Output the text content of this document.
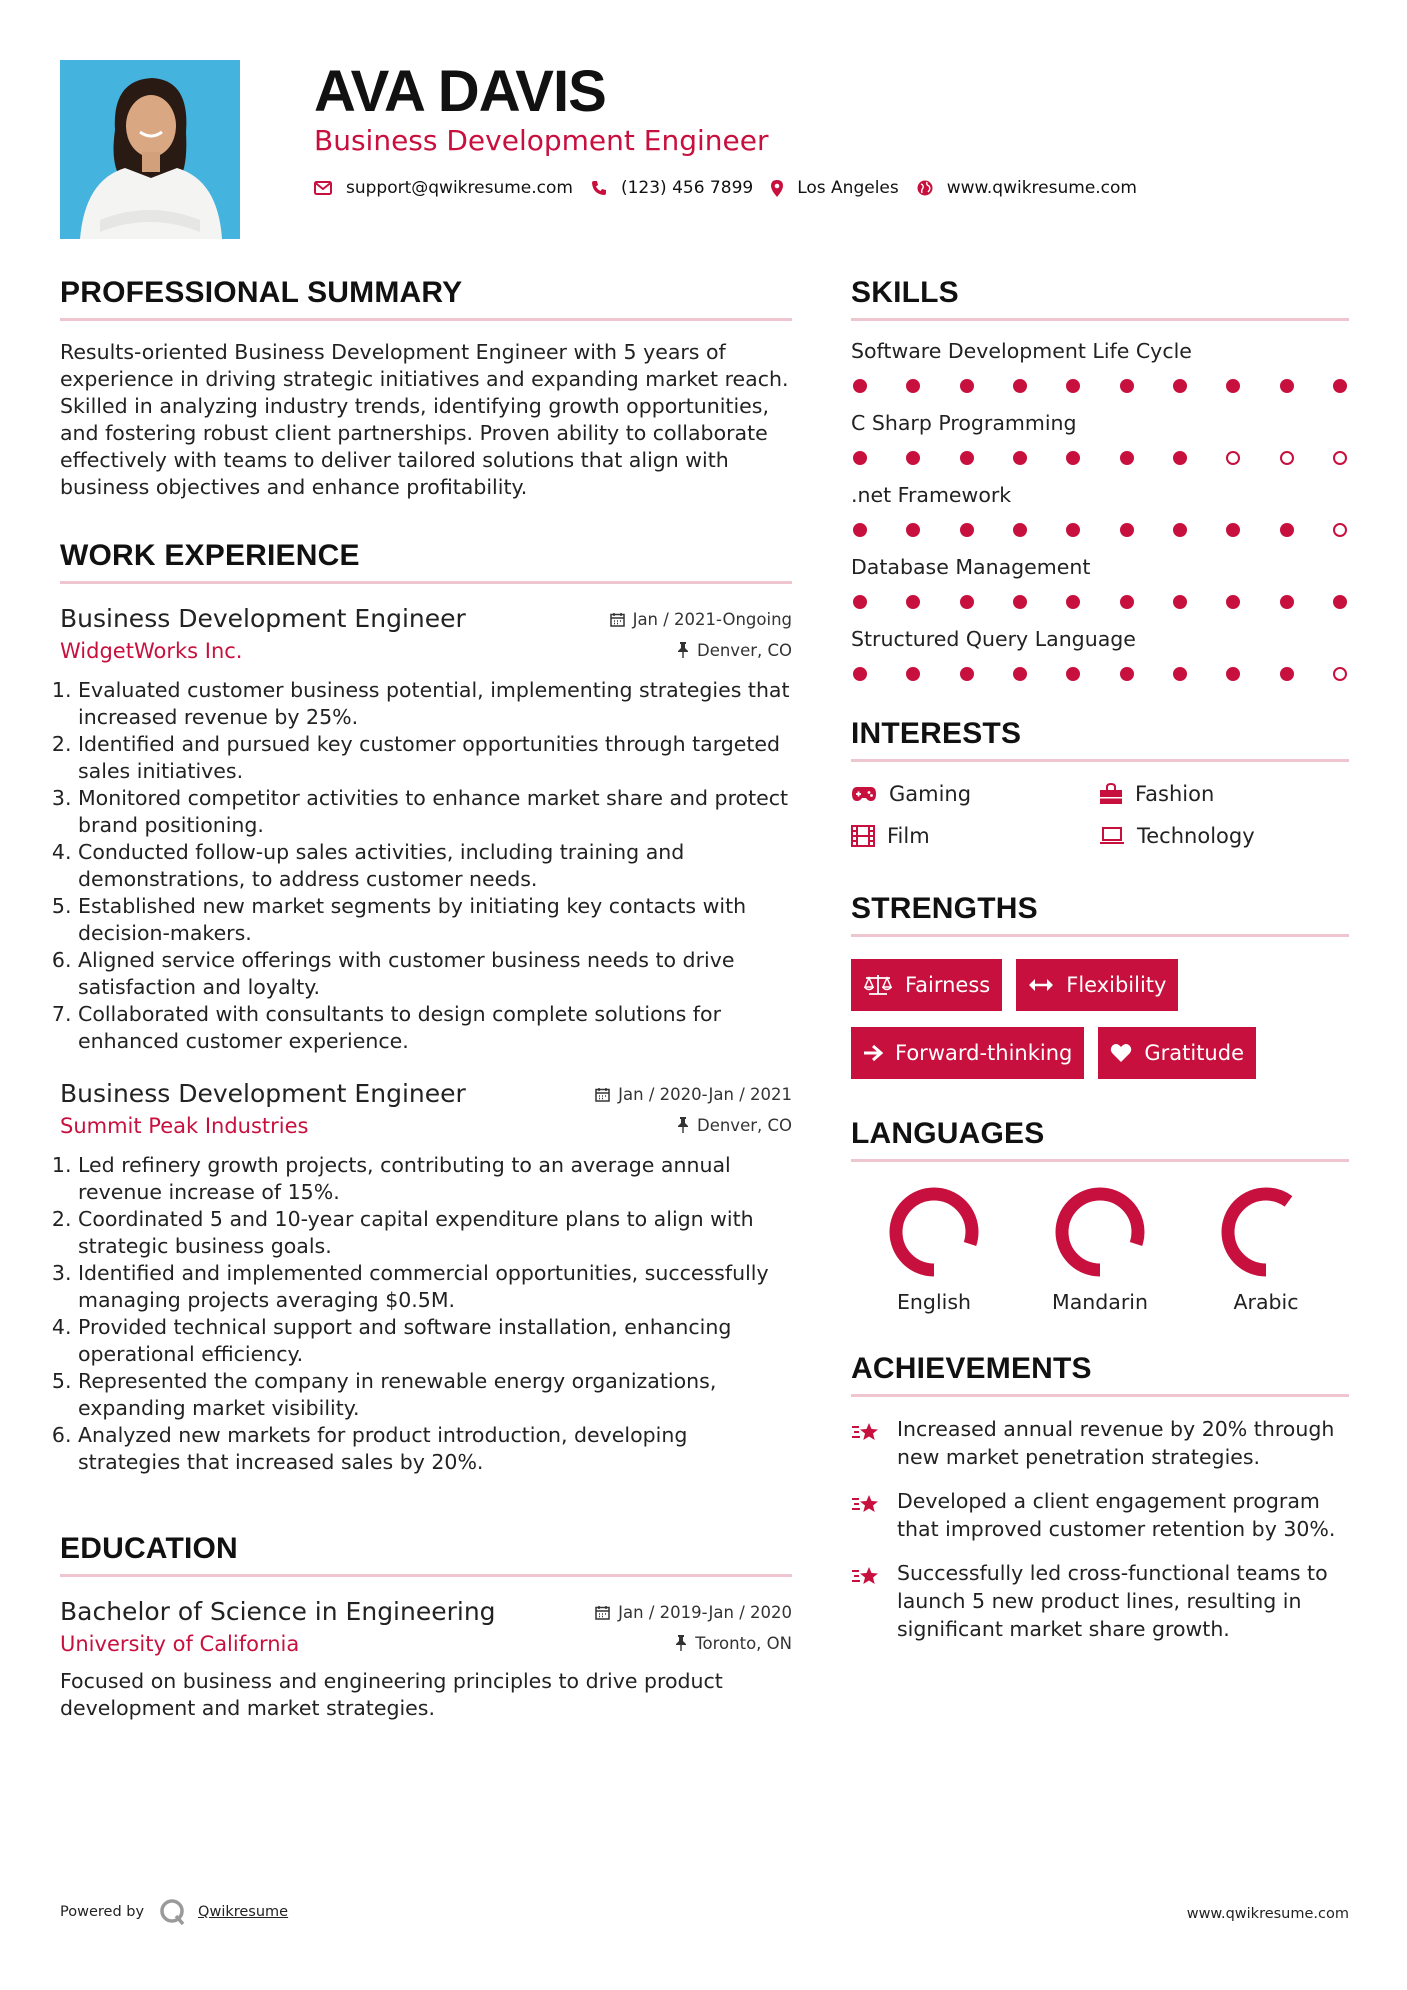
AVA DAVIS
Business Development Engineer
support@qwikresume.com	(123) 456 7899	Los Angeles	www.qwikresume.com
PROFESSIONAL SUMMARY
Results-oriented Business Development Engineer with 5 years of experience in driving strategic initiatives and expanding market reach. Skilled in analyzing industry trends, identifying growth opportunities, and fostering robust client partnerships. Proven ability to collaborate effectively with teams to deliver tailored solutions that align with business objectives and enhance profitability.
WORK EXPERIENCE
Business Development Engineer	Jan / 2021-Ongoing
WidgetWorks Inc.	Denver, CO
1. Evaluated customer business potential, implementing strategies that increased revenue by 25%.
2. Identified and pursued key customer opportunities through targeted sales initiatives.
3. Monitored competitor activities to enhance market share and protect brand positioning.
4. Conducted follow-up sales activities, including training and demonstrations, to address customer needs.
5. Established new market segments by initiating key contacts with decision-makers.
6. Aligned service offerings with customer business needs to drive satisfaction and loyalty.
7. Collaborated with consultants to design complete solutions for enhanced customer experience.
Business Development Engineer	Jan / 2020-Jan / 2021
Summit Peak Industries	Denver, CO
1. Led refinery growth projects, contributing to an average annual revenue increase of 15%.
2. Coordinated 5 and 10-year capital expenditure plans to align with strategic business goals.
3. Identified and implemented commercial opportunities, successfully managing projects averaging $0.5M.
4. Provided technical support and software installation, enhancing operational efficiency.
5. Represented the company in renewable energy organizations, expanding market visibility.
6. Analyzed new markets for product introduction, developing strategies that increased sales by 20%.
EDUCATION
Bachelor of Science in Engineering	Jan / 2019-Jan / 2020
University of California	Toronto, ON
Focused on business and engineering principles to drive product development and market strategies.
SKILLS
Software Development Life Cycle
C Sharp Programming
.net Framework
Database Management
Structured Query Language
INTERESTS
Gaming	Fashion
Film	Technology
STRENGTHS
Fairness	Flexibility
Forward-thinking	Gratitude
LANGUAGES
English	Mandarin	Arabic
ACHIEVEMENTS
Increased annual revenue by 20% through new market penetration strategies.
Developed a client engagement program that improved customer retention by 30%.
Successfully led cross-functional teams to launch 5 new product lines, resulting in significant market share growth.
Powered by	Qwikresume	www.qwikresume.com
